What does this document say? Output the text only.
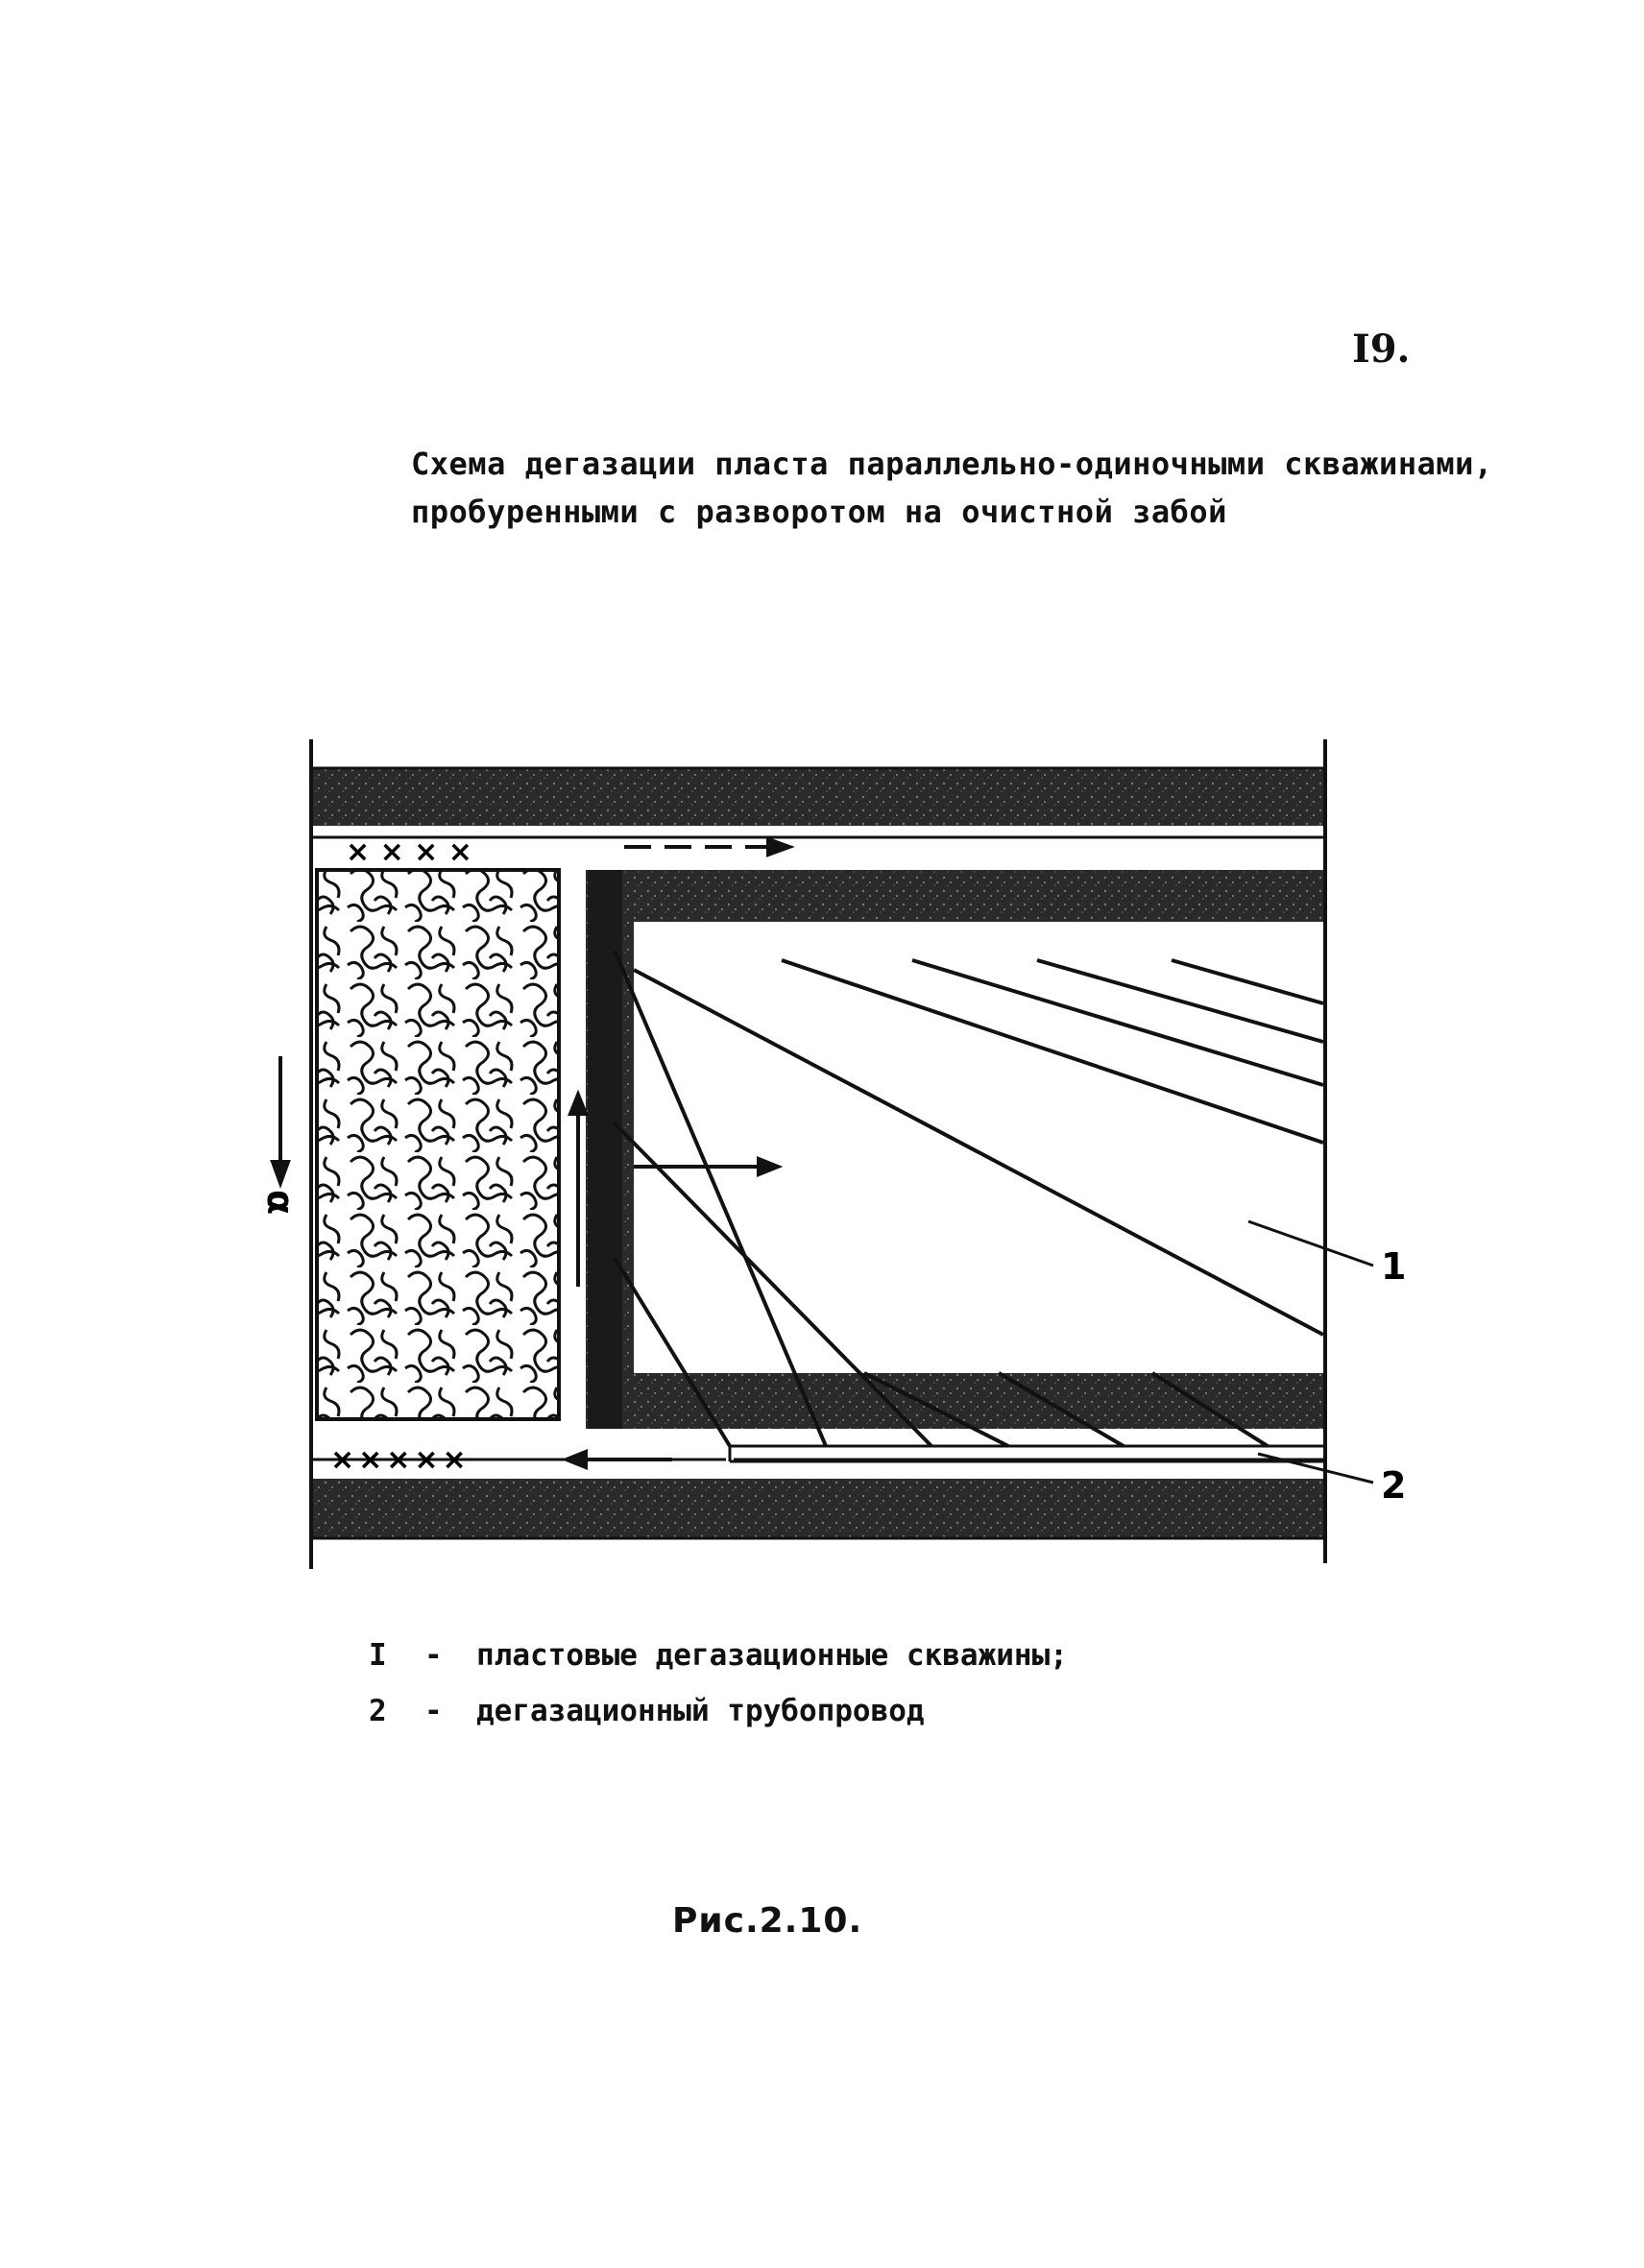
I9.
Схема дегазации пласта параллельно-одиночными скважинами,
пробуренными с разворотом на очистной забой
1
2
α
× × × ×
×××××
I	-	пластовые дегазационные скважины;
2	-	дегазационный трубопровод
Рис.2.10.
